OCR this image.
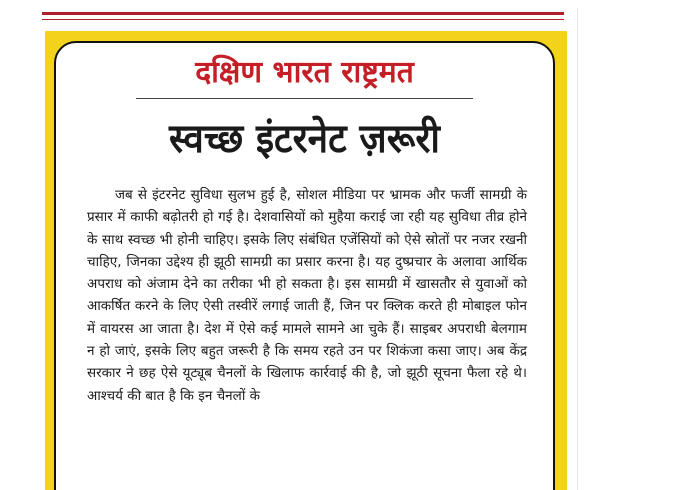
दक्षिण भारत राष्ट्रमत
स्वच्छ इंटरनेट ज़रूरी

जब से इंटरनेट सुविधा सुलभ हुई है, सोशल मीडिया पर भ्रामक और फर्जी सामग्री के प्रसार में काफी बढ़ोतरी हो गई है। देशवासियों को मुहैया कराई जा रही यह सुविधा तीव्र होने के साथ स्वच्छ भी होनी चाहिए। इसके लिए संबंधित एजेंसियों को ऐसे स्रोतों पर नजर रखनी चाहिए, जिनका उद्देश्य ही झूठी सामग्री का प्रसार करना है। यह दुष्प्रचार के अलावा आर्थिक अपराध को अंजाम देने का तरीका भी हो सकता है। इस सामग्री में खासतौर से युवाओं को आकर्षित करने के लिए ऐसी तस्वीरें लगाई जाती हैं, जिन पर क्लिक करते ही मोबाइल फोन में वायरस आ जाता है। देश में ऐसे कई मामले सामने आ चुके हैं। साइबर अपराधी बेलगाम न हो जाएं, इसके लिए बहुत जरूरी है कि समय रहते उन पर शिकंजा कसा जाए। अब केंद्र सरकार ने छह ऐसे यूट्यूब चैनलों के खिलाफ कार्रवाई की है, जो झूठी सूचना फैला रहे थे। आश्चर्य की बात है कि इन चैनलों के
